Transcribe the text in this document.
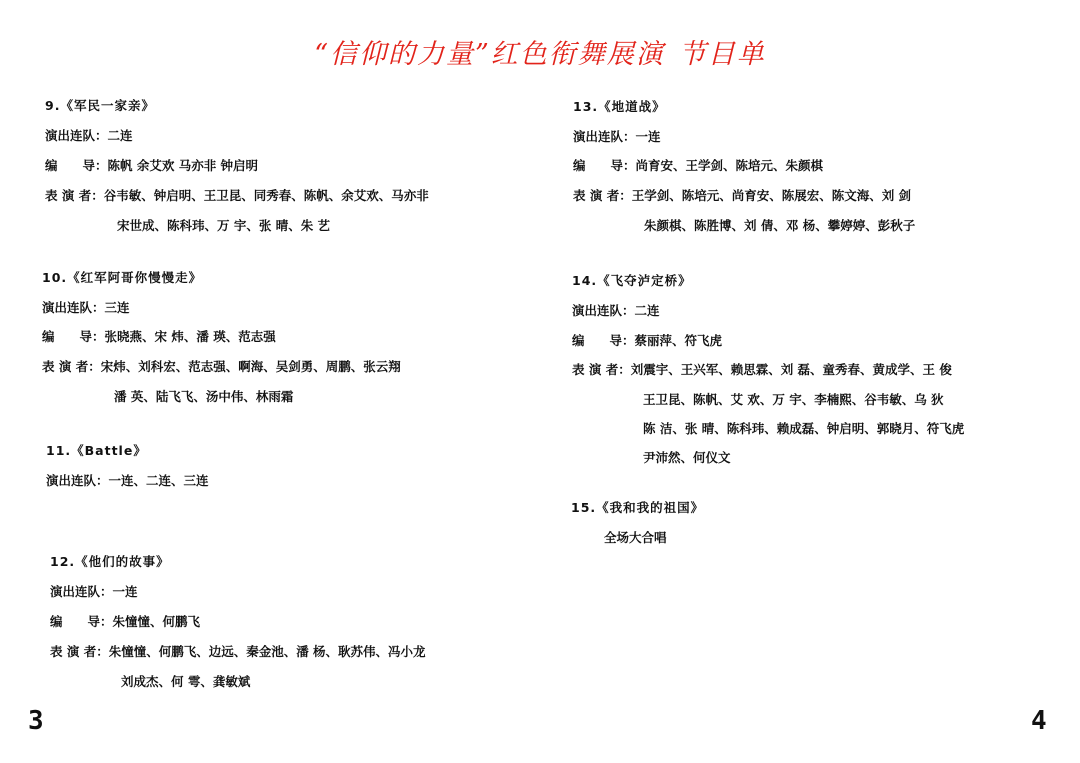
“信仰的力量”红色衔舞展演 节目单
9.《军民一家亲》
演出连队：二连
编　　导：陈帆 余艾欢 马亦非 钟启明
表 演 者：谷韦敏、钟启明、王卫昆、同秀春、陈帆、余艾欢、马亦非
宋世成、陈科玮、万 宇、张 晴、朱 艺
10.《红军阿哥你慢慢走》
演出连队：三连
编　　导：张晓燕、宋 炜、潘 瑛、范志强
表 演 者：宋炜、刘科宏、范志强、啊海、吴剑勇、周鹏、张云翔
潘 英、陆飞飞、汤中伟、林雨霜
11.《Battle》
演出连队：一连、二连、三连
12.《他们的故事》
演出连队：一连
编　　导：朱憧憧、何鹏飞
表 演 者：朱憧憧、何鹏飞、边远、秦金池、潘 杨、耿苏伟、冯小龙
刘成杰、何 雩、龚敏斌
13.《地道战》
演出连队：一连
编　　导：尚育安、王学剑、陈培元、朱颜棋
表 演 者：王学剑、陈培元、尚育安、陈展宏、陈文海、刘 剑
朱颜棋、陈胜博、刘 倩、邓 杨、攀婷婷、彭秋子
14.《飞夺泸定桥》
演出连队：二连
编　　导：蔡丽萍、符飞虎
表 演 者：刘震宇、王兴军、赖思霖、刘 磊、童秀春、黄成学、王 俊
王卫昆、陈帆、艾 欢、万 宇、李楠熙、谷韦敏、乌 狄
陈 洁、张 晴、陈科玮、赖成磊、钟启明、郭晓月、符飞虎
尹沛然、何仪文
15.《我和我的祖国》
全场大合唱
3	4
